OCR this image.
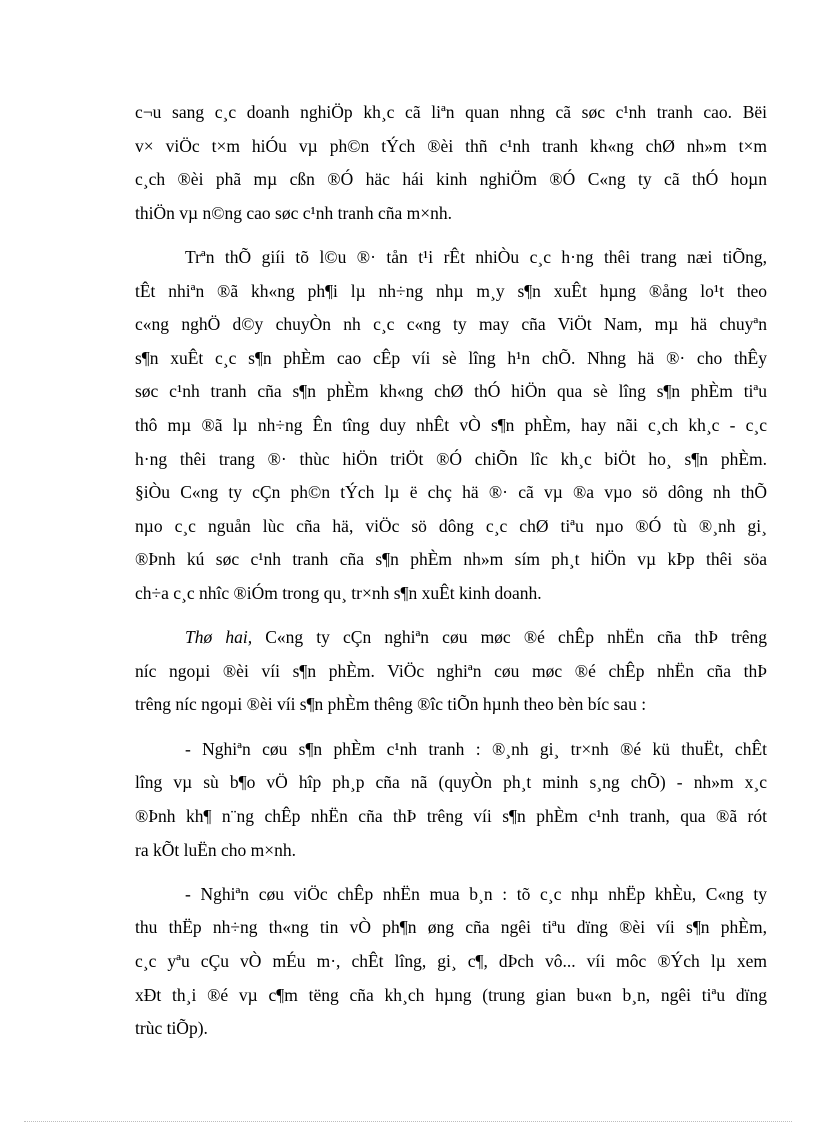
c¬u sang c¸c doanh nghiÖp kh¸c cã liªn quan nhng cã søc c¹nh tranh cao. Bëi
v× viÖc t×m hiÓu vµ ph©n tÝch ®èi thñ c¹nh tranh kh«ng chØ nh»m t×m
c¸ch ®èi phã mµ cßn ®Ó häc hái kinh nghiÖm ®Ó C«ng ty cã thÓ hoµn
thiÖn vµ n©ng cao søc c¹nh tranh cña m×nh.
Trªn thÕ giíi tõ l©u ®· tån t¹i rÊt nhiÒu c¸c h·ng thêi trang næi tiÕng,
tÊt nhiªn ®ã kh«ng ph¶i lµ nh÷ng nhµ m¸y s¶n xuÊt hµng ®ång lo¹t theo
c«ng nghÖ d©y chuyÒn nh c¸c c«ng ty may cña ViÖt Nam, mµ hä chuyªn
s¶n xuÊt c¸c s¶n phÈm cao cÊp víi sè lîng h¹n chÕ. Nhng hä ®· cho thÊy
søc c¹nh tranh cña s¶n phÈm kh«ng chØ thÓ hiÖn qua sè lîng s¶n phÈm tiªu
thô mµ ®ã lµ nh÷ng Ên tîng duy nhÊt vÒ s¶n phÈm, hay nãi c¸ch kh¸c - c¸c
h·ng thêi trang ®· thùc hiÖn triÖt ®Ó chiÕn lîc kh¸c biÖt ho¸ s¶n phÈm.
§iÒu C«ng ty cÇn ph©n tÝch lµ ë chç hä ®· cã vµ ®a vµo sö dông nh thÕ
nµo c¸c nguån lùc cña hä, viÖc sö dông c¸c chØ tiªu nµo ®Ó tù ®¸nh gi¸
®Þnh kú søc c¹nh tranh cña s¶n phÈm nh»m sím ph¸t hiÖn vµ kÞp thêi söa
ch÷a c¸c nhîc ®iÓm trong qu¸ tr×nh s¶n xuÊt kinh doanh.
Thø hai, C«ng ty cÇn nghiªn cøu møc ®é chÊp nhËn cña thÞ trêng
níc ngoµi ®èi víi s¶n phÈm. ViÖc nghiªn cøu møc ®é chÊp nhËn cña thÞ
trêng níc ngoµi ®èi víi s¶n phÈm thêng ®îc tiÕn hµnh theo bèn bíc sau :
- Nghiªn cøu s¶n phÈm c¹nh tranh : ®¸nh gi¸ tr×nh ®é kü thuËt, chÊt
lîng vµ sù b¶o vÖ hîp ph¸p cña nã (quyÒn ph¸t minh s¸ng chÕ) - nh»m x¸c
®Þnh kh¶ n¨ng chÊp nhËn cña thÞ trêng víi s¶n phÈm c¹nh tranh, qua ®ã rót
ra kÕt luËn cho m×nh.
- Nghiªn cøu viÖc chÊp nhËn mua b¸n : tõ c¸c nhµ nhËp khÈu, C«ng ty
thu thËp nh÷ng th«ng tin vÒ ph¶n øng cña ngêi tiªu dïng ®èi víi s¶n phÈm,
c¸c yªu cÇu vÒ mÉu m·, chÊt lîng, gi¸ c¶, dÞch vô... víi môc ®Ých lµ xem
xÐt th¸i ®é vµ c¶m tëng cña kh¸ch hµng (trung gian bu«n b¸n, ngêi tiªu dïng
trùc tiÕp).
